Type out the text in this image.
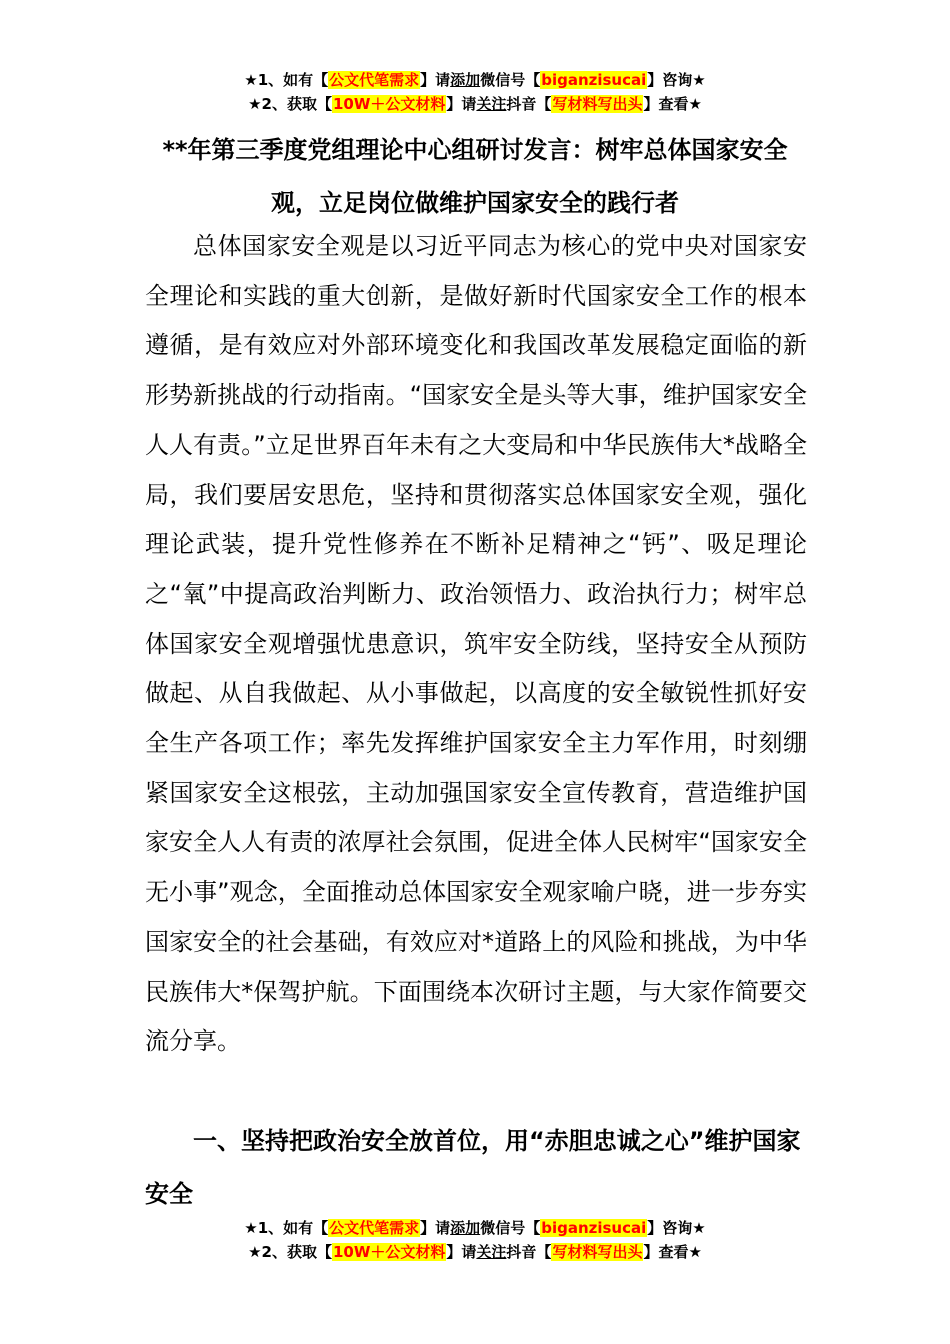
★1、如有【公文代笔需求】请添加微信号【biganzisucai】咨询★
★2、获取【10W＋公文材料】请关注抖音【写材料写出头】查看★
**年第三季度党组理论中心组研讨发言：树牢总体国家安全观，立足岗位做维护国家安全的践行者

总体国家安全观是以习近平同志为核心的党中央对国家安全理论和实践的重大创新，是做好新时代国家安全工作的根本遵循，是有效应对外部环境变化和我国改革发展稳定面临的新形势新挑战的行动指南。“国家安全是头等大事，维护国家安全人人有责。”立足世界百年未有之大变局和中华民族伟大*战略全局，我们要居安思危，坚持和贯彻落实总体国家安全观，强化理论武装，提升党性修养在不断补足精神之“钙”、吸足理论之“氧”中提高政治判断力、政治领悟力、政治执行力；树牢总体国家安全观增强忧患意识，筑牢安全防线，坚持安全从预防做起、从自我做起、从小事做起，以高度的安全敏锐性抓好安全生产各项工作；率先发挥维护国家安全主力军作用，时刻绷紧国家安全这根弦，主动加强国家安全宣传教育，营造维护国家安全人人有责的浓厚社会氛围，促进全体人民树牢“国家安全无小事”观念，全面推动总体国家安全观家喻户晓，进一步夯实国家安全的社会基础，有效应对*道路上的风险和挑战，为中华民族伟大*保驾护航。下面围绕本次研讨主题，与大家作简要交流分享。

一、坚持把政治安全放首位，用“赤胆忠诚之心”维护国家安全

★1、如有【公文代笔需求】请添加微信号【biganzisucai】咨询★
★2、获取【10W＋公文材料】请关注抖音【写材料写出头】查看★
